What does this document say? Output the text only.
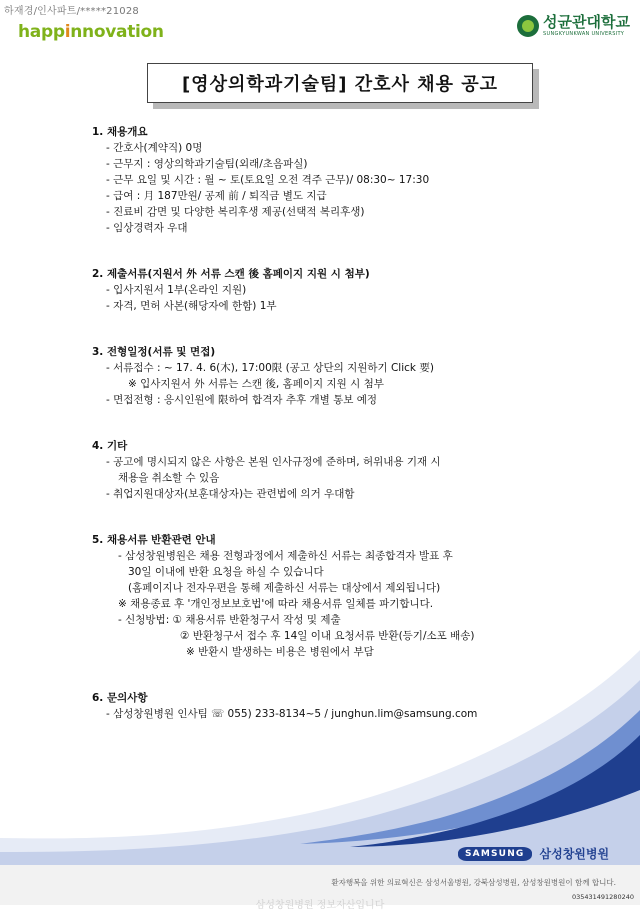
하재경/인사파트/*****21028
happinnovation	성균관대학교
SUNGKYUNKWAN UNIVERSITY
[영상의학과기술팀] 간호사 채용 공고
1. 채용개요
- 간호사(계약직) 0명
- 근무지 : 영상의학과기술팀(외래/초음파실)
- 근무 요일 및 시간 : 월 ~ 토(토요일 오전 격주 근무)/ 08:30~ 17:30
- 급여 : 月 187만원/ 공제 前 / 퇴직금 별도 지급
- 진료비 감면 및 다양한 복리후생 제공(선택적 복리후생)
- 임상경력자 우대
2. 제출서류(지원서 外 서류 스캔 後 홈페이지 지원 시 첨부)
- 입사지원서 1부(온라인 지원)
- 자격, 면허 사본(해당자에 한함) 1부
3. 전형일정(서류 및 면접)
- 서류접수 : ~ 17. 4. 6(木), 17:00限 (공고 상단의 지원하기 Click 要)
※ 입사지원서 外 서류는 스캔 後, 홈페이지 지원 시 첨부
- 면접전형 : 응시인원에 限하여 합격자 추후 개별 통보 예정
4. 기타
- 공고에 명시되지 않은 사항은 본원 인사규정에 준하며, 허위내용 기재 시
채용을 취소할 수 있음
- 취업지원대상자(보훈대상자)는 관련법에 의거 우대함
5. 채용서류 반환관련 안내
- 삼성창원병원은 채용 전형과정에서 제출하신 서류는 최종합격자 발표 후
30일 이내에 반환 요청을 하실 수 있습니다
(홈페이지나 전자우편을 통해 제출하신 서류는 대상에서 제외됩니다)
※ 채용종료 후 '개인정보보호법'에 따라 채용서류 일체를 파기합니다.
- 신청방법: ① 채용서류 반환청구서 작성 및 제출
② 반환청구서 접수 후 14일 이내 요청서류 반환(등기/소포 배송)
※ 반환시 발생하는 비용은 병원에서 부담
6. 문의사항
- 삼성창원병원 인사팀 ☏ 055) 233-8134~5 / junghun.lim@samsung.com
SAMSUNG	삼성창원병원
환자행복을 위한 의료혁신은 삼성서울병원, 강북삼성병원, 삼성창원병원이 함께 합니다.
035431491280240
삼성창원병원 정보자산입니다
